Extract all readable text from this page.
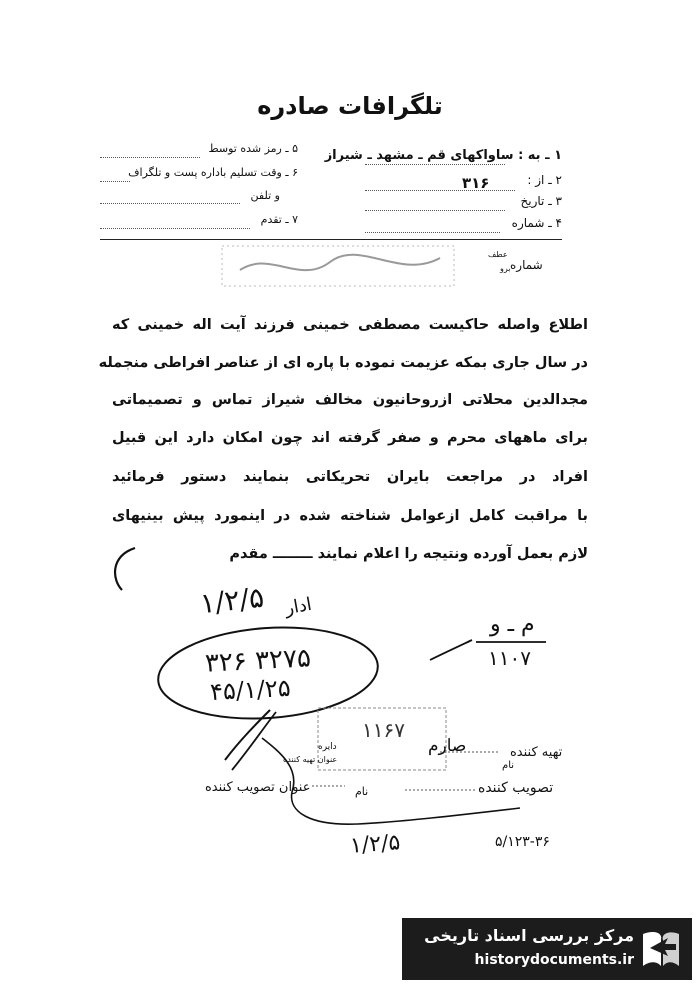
تلگرافات صادره
۱ ـ به : ساواکهای قم ـ مشهد ـ شیراز
۲ ـ از :
۳۱۶
۳ ـ تاریخ
۴ ـ شماره
۵ ـ رمز شده توسط
۶ ـ وقت تسلیم باداره پست و تلگراف
و تلفن
۷ ـ تقدم
شماره
عطف
برو
اطلاع واصله حاکیست مصطفی خمینی فرزند آیت اله خمینی که
در سال جاری بمکه عزیمت نموده با پاره ای از عناصر افراطی منجمله
مجدالدین محلاتی ازروحانیون مخالف شیراز تماس و تصمیماتی
برای ماههای محرم و صفر گرفته اند چون امکان دارد این قبیل
افراد در مراجعت بایران تحریکاتی بنمایند دستور فرمائید
با مراقبت کامل ازعوامل شناخته شده در اینمورد پیش بینیهای
لازم بعمل آورده ونتیجه را اعلام نمایند ــــــــ مقدم
۱/۲/۵ ادار
م ـ و
۱۱۰۷
۳۲۶ ۳۲۷۵
۴۵/۱/۲۵
۱۱۶۷
تهیه کننده
صارم
نام
عنوان تهیه کننده
دایره
تصویب کننده
نام
عنوان تصویب کننده
۱/۲/۵	۵/۱۲۳-۳۶
مرکز بررسی اسناد تاریخی
historydocuments.ir
